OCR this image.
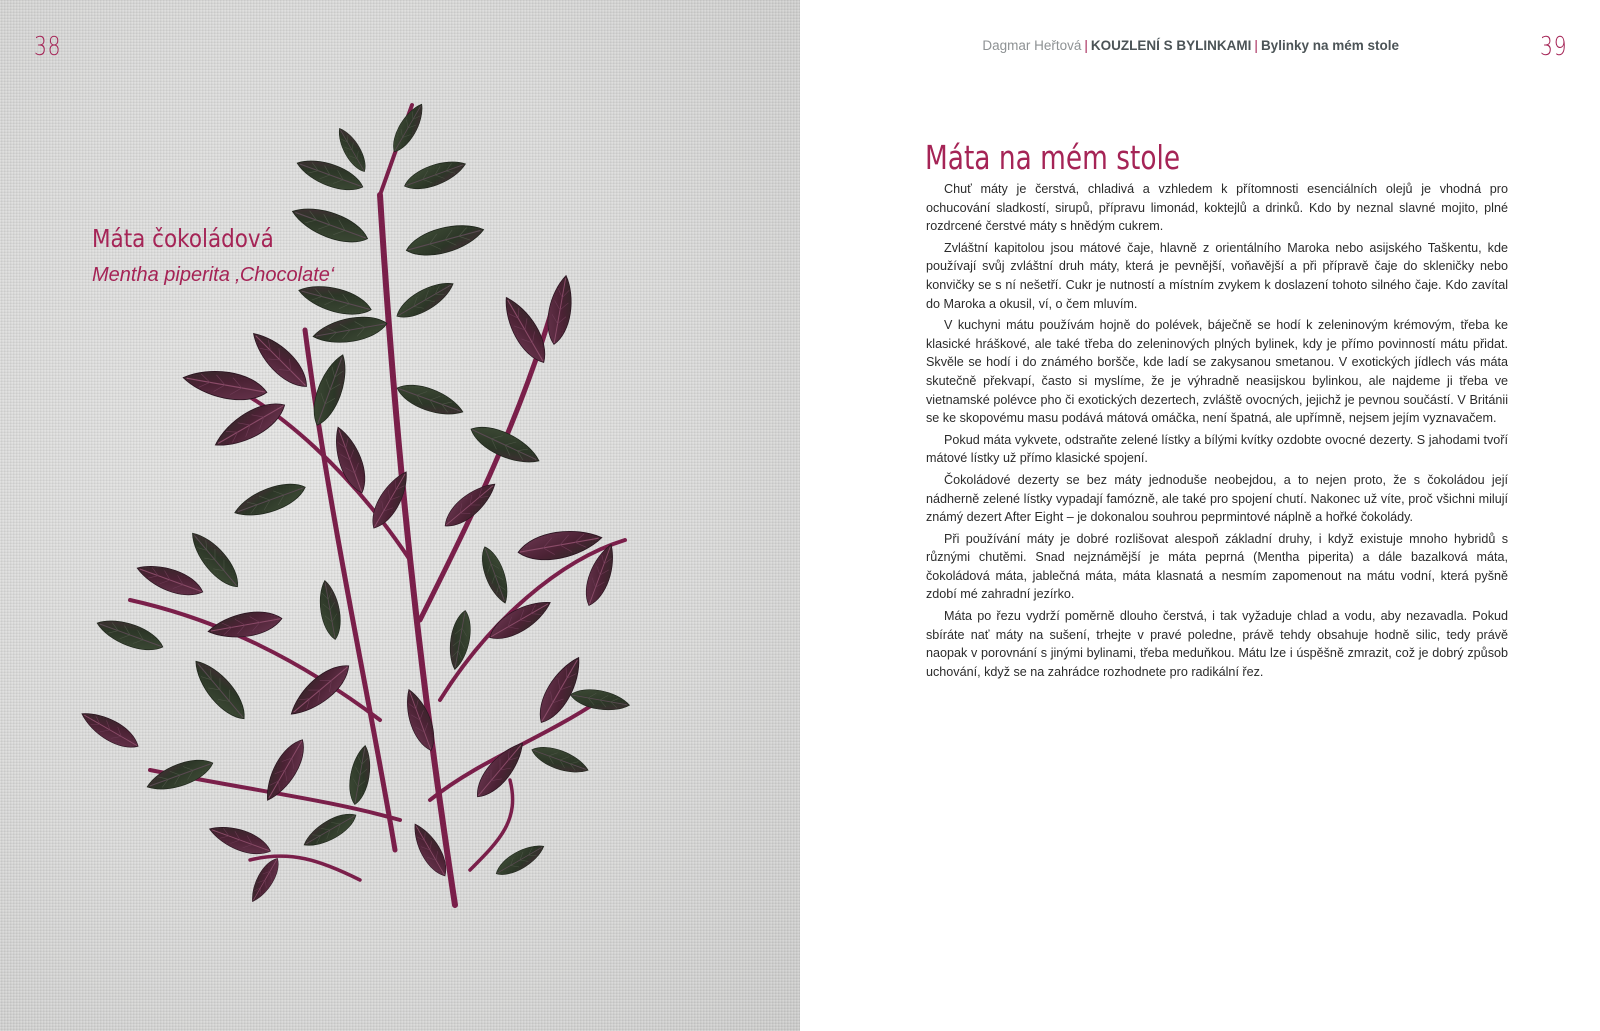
38
Máta čokoládová
Mentha piperita ‚Chocolate‘
Dagmar Heřtová | KOUZLENÍ S BYLINKAMI | Bylinky na mém stole	39
Máta na mém stole

Chuť máty je čerstvá, chladivá a vzhledem k přítomnosti esenciálních olejů je vhodná pro ochucování sladkostí, sirupů, přípravu limonád, koktejlů a drinků. Kdo by neznal slavné mojito, plné rozdrcené čerstvé máty s hnědým cukrem.

Zvláštní kapitolou jsou mátové čaje, hlavně z orientálního Maroka nebo asijského Taškentu, kde používají svůj zvláštní druh máty, která je pevnější, voňavější a při přípravě čaje do skleničky nebo konvičky se s ní nešetří. Cukr je nutností a místním zvykem k doslazení tohoto silného čaje. Kdo zavítal do Maroka a okusil, ví, o čem mluvím.

V kuchyni mátu používám hojně do polévek, báječně se hodí k zeleninovým krémovým, třeba ke klasické hráškové, ale také třeba do zeleninových plných bylinek, kdy je přímo povinností mátu přidat. Skvěle se hodí i do známého boršče, kde ladí se zakysanou smetanou. V exotických jídlech vás máta skutečně překvapí, často si myslíme, že je výhradně neasijskou bylinkou, ale najdeme ji třeba ve vietnamské polévce pho či exotických dezertech, zvláště ovocných, jejichž je pevnou součástí. V Británii se ke skopovému masu podává mátová omáčka, není špatná, ale upřímně, nejsem jejím vyznavačem.

Pokud máta vykvete, odstraňte zelené lístky a bílými kvítky ozdobte ovocné dezerty. S jahodami tvoří mátové lístky už přímo klasické spojení.

Čokoládové dezerty se bez máty jednoduše neobejdou, a to nejen proto, že s čokoládou její nádherně zelené lístky vypadají famózně, ale také pro spojení chutí. Nakonec už víte, proč všichni milují známý dezert After Eight – je dokonalou souhrou peprmintové náplně a hořké čokolády.

Při používání máty je dobré rozlišovat alespoň základní druhy, i když existuje mnoho hybridů s různými chutěmi. Snad nejznámější je máta peprná (Mentha piperita) a dále bazalková máta, čokoládová máta, jablečná máta, máta klasnatá a nesmím zapomenout na mátu vodní, která pyšně zdobí mé zahradní jezírko.

Máta po řezu vydrží poměrně dlouho čerstvá, i tak vyžaduje chlad a vodu, aby nezavadla. Pokud sbíráte nať máty na sušení, trhejte v pravé poledne, právě tehdy obsahuje hodně silic, tedy právě naopak v porovnání s jinými bylinami, třeba meduňkou. Mátu lze i úspěšně zmrazit, což je dobrý způsob uchování, když se na zahrádce rozhodnete pro radikální řez.
